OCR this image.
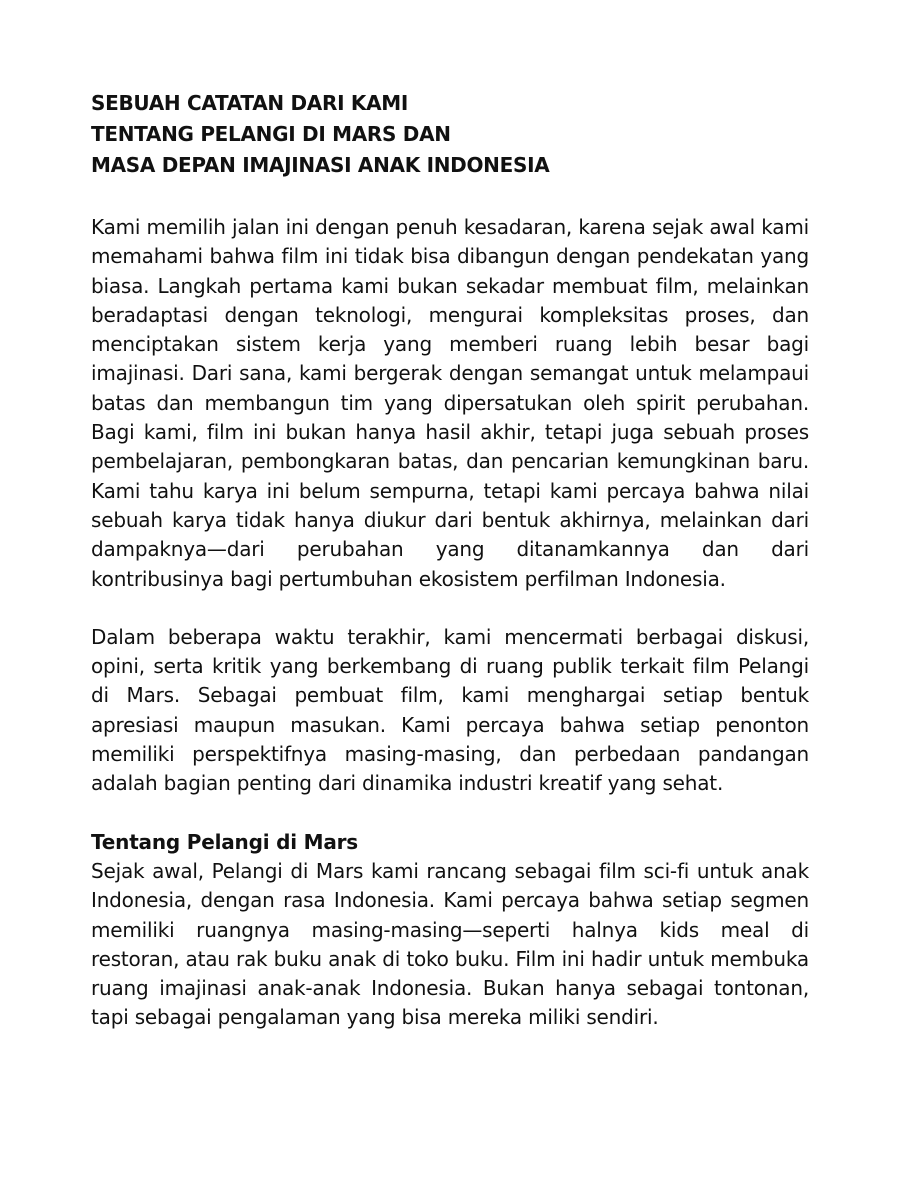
SEBUAH CATATAN DARI KAMI
TENTANG PELANGI DI MARS DAN
MASA DEPAN IMAJINASI ANAK INDONESIA

Kami memilih jalan ini dengan penuh kesadaran, karena sejak awal kami memahami bahwa film ini tidak bisa dibangun dengan pendekatan yang biasa. Langkah pertama kami bukan sekadar membuat film, melainkan beradaptasi dengan teknologi, mengurai kompleksitas proses, dan menciptakan sistem kerja yang memberi ruang lebih besar bagi imajinasi. Dari sana, kami bergerak dengan semangat untuk melampaui batas dan membangun tim yang dipersatukan oleh spirit perubahan. Bagi kami, film ini bukan hanya hasil akhir, tetapi juga sebuah proses pembelajaran, pembongkaran batas, dan pencarian kemungkinan baru. Kami tahu karya ini belum sempurna, tetapi kami percaya bahwa nilai sebuah karya tidak hanya diukur dari bentuk akhirnya, melainkan dari dampaknya—dari perubahan yang ditanamkannya dan dari kontribusinya bagi pertumbuhan ekosistem perfilman Indonesia.

Dalam beberapa waktu terakhir, kami mencermati berbagai diskusi, opini, serta kritik yang berkembang di ruang publik terkait film Pelangi di Mars. Sebagai pembuat film, kami menghargai setiap bentuk apresiasi maupun masukan. Kami percaya bahwa setiap penonton memiliki perspektifnya masing-masing, dan perbedaan pandangan adalah bagian penting dari dinamika industri kreatif yang sehat.

Tentang Pelangi di Mars

Sejak awal, Pelangi di Mars kami rancang sebagai film sci-fi untuk anak Indonesia, dengan rasa Indonesia. Kami percaya bahwa setiap segmen memiliki ruangnya masing-masing—seperti halnya kids meal di restoran, atau rak buku anak di toko buku. Film ini hadir untuk membuka ruang imajinasi anak-anak Indonesia. Bukan hanya sebagai tontonan, tapi sebagai pengalaman yang bisa mereka miliki sendiri.
